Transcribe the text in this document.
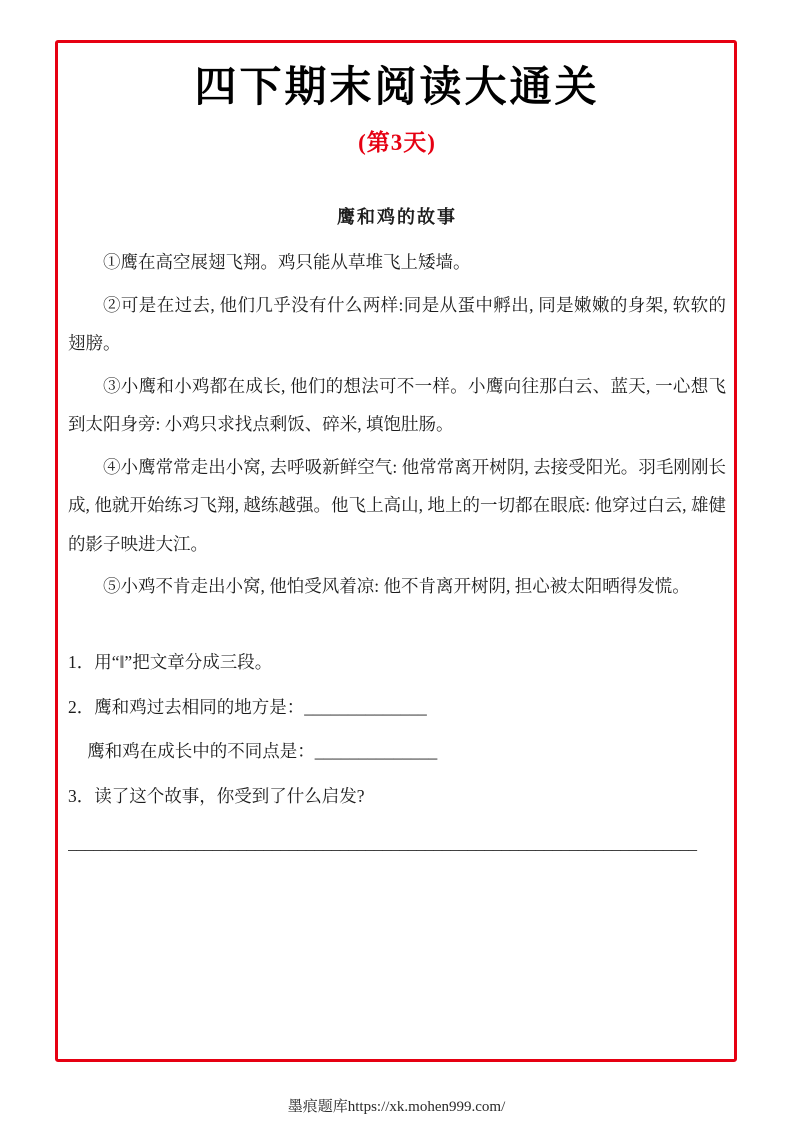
四下期末阅读大通关
(第3天)
鹰和鸡的故事

①鹰在高空展翅飞翔。鸡只能从草堆飞上矮墙。

②可是在过去, 他们几乎没有什么两样:同是从蛋中孵出, 同是嫩嫩的身架, 软软的翅膀。

③小鹰和小鸡都在成长, 他们的想法可不一样。小鹰向往那白云、蓝天, 一心想飞到太阳身旁: 小鸡只求找点剩饭、碎米, 填饱肚肠。

④小鹰常常走出小窝, 去呼吸新鲜空气: 他常常离开树阴, 去接受阳光。羽毛刚刚长成, 他就开始练习飞翔, 越练越强。他飞上高山, 地上的一切都在眼底: 他穿过白云, 雄健的影子映进大江。

⑤小鸡不肯走出小窝, 他怕受风着凉: 他不肯离开树阴, 担心被太阳晒得发慌。

1．用“‖”把文章分成三段。
2．鹰和鸡过去相同的地方是：______________
鹰和鸡在成长中的不同点是：______________
3．读了这个故事，你受到了什么启发?
__________________________________________________________________________
墨痕题库https://xk.mohen999.com/
